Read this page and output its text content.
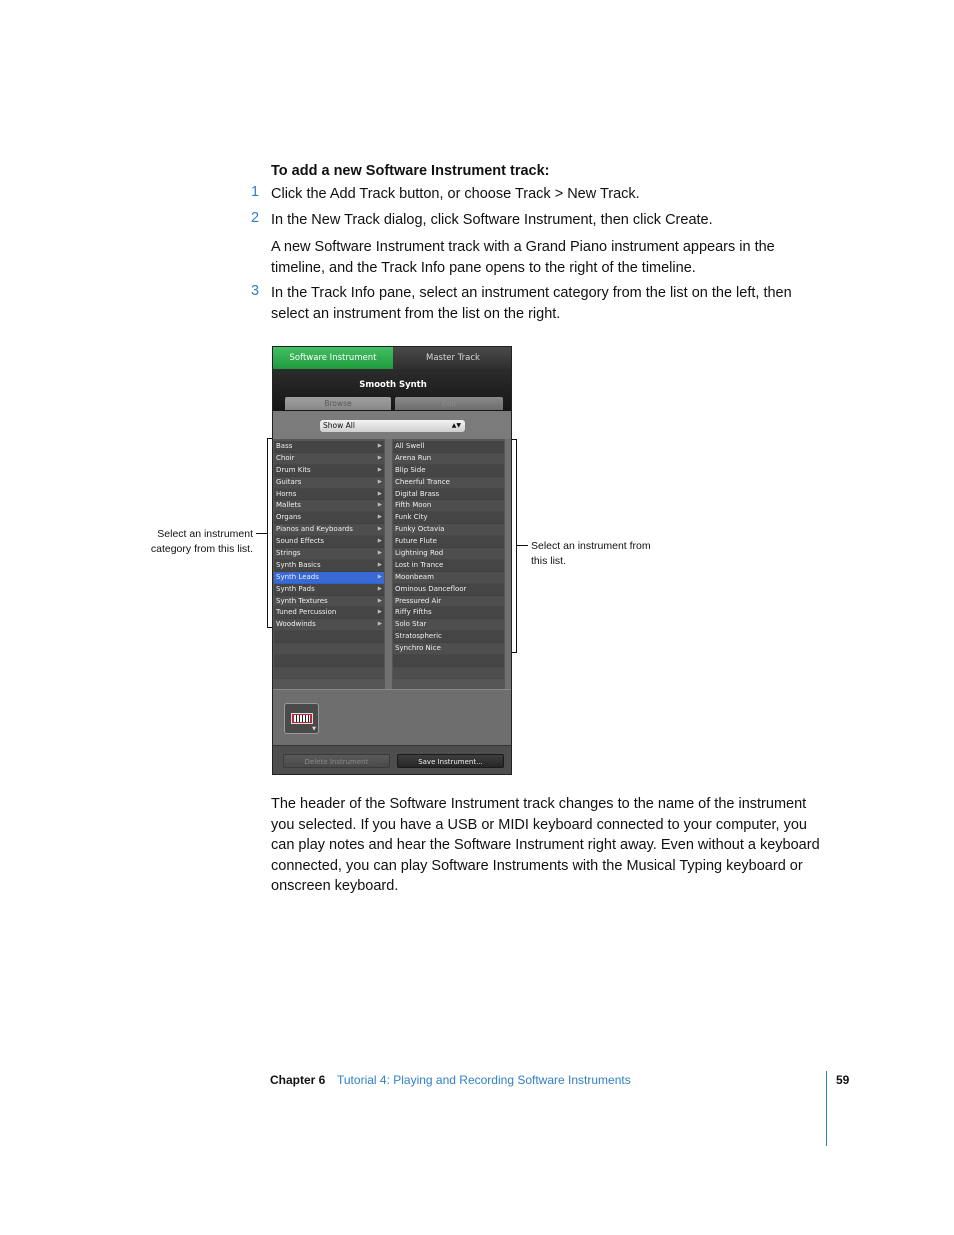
To add a new Software Instrument track:
1 Click the Add Track button, or choose Track > New Track.
2 In the New Track dialog, click Software Instrument, then click Create.
A new Software Instrument track with a Grand Piano instrument appears in the timeline, and the Track Info pane opens to the right of the timeline.
3 In the Track Info pane, select an instrument category from the list on the left, then select an instrument from the list on the right.
Software Instrument	Master Track
Smooth Synth
Browse	Edit
Show All	▲▼
Bass	▶
Choir	▶
Drum Kits	▶
Guitars	▶
Horns	▶
Mallets	▶
Organs	▶
Pianos and Keyboards	▶
Sound Effects	▶
Strings	▶
Synth Basics	▶
Synth Leads	▶
Synth Pads	▶
Synth Textures	▶
Tuned Percussion	▶
Woodwinds	▶
All Swell
Arena Run
Blip Side
Cheerful Trance
Digital Brass
Fifth Moon
Funk City
Funky Octavia
Future Flute
Lightning Rod
Lost in Trance
Moonbeam
Ominous Dancefloor
Pressured Air
Riffy Fifths
Solo Star
Stratospheric
Synchro Nice
▼
Delete Instrument	Save Instrument...
Select an instrument category from this list.	Select an instrument from this list.
The header of the Software Instrument track changes to the name of the instrument you selected. If you have a USB or MIDI keyboard connected to your computer, you can play notes and hear the Software Instrument right away. Even without a keyboard connected, you can play Software Instruments with the Musical Typing keyboard or onscreen keyboard.
Chapter 6 Tutorial 4: Playing and Recording Software Instruments	59
